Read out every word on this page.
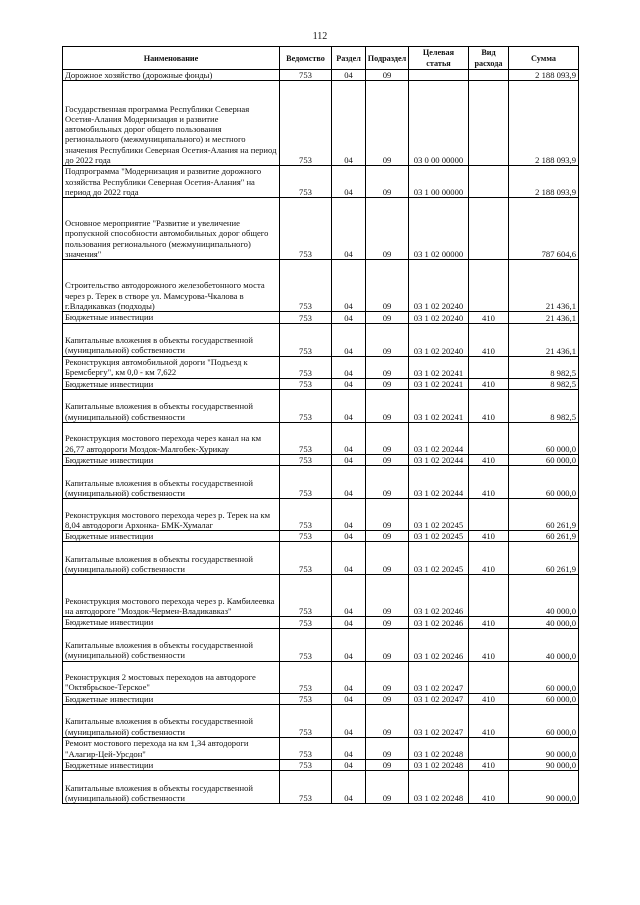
112
Наименование	Ведомство	Раздел	Подраздел	Целевая статья	Вид расхода	Сумма
Дорожное хозяйство (дорожные фонды)	753	04	09			2 188 093,9
Государственная программа Республики Северная Осетия-Алания Модернизация и развитие автомобильных дорог общего пользования регионального (межмуниципального) и местного значения Республики Северная Осетия-Алания на период до 2022 года	753	04	09	03 0 00 00000		2 188 093,9
Подпрограмма "Модернизация и развитие дорожного хозяйства Республики Северная Осетия-Алания" на период до 2022 года	753	04	09	03 1 00 00000		2 188 093,9
Основное мероприятие "Развитие и увеличение пропускной способности автомобильных дорог общего пользования регионального (межмуниципального) значения"	753	04	09	03 1 02 00000		787 604,6
Строительство автодорожного железобетонного моста через р. Терек в створе ул. Мамсурова-Чкалова в г.Владикавказ (подходы)	753	04	09	03 1 02 20240		21 436,1
Бюджетные инвестиции	753	04	09	03 1 02 20240	410	21 436,1
Капитальные вложения в объекты государственной (муниципальной) собственности	753	04	09	03 1 02 20240	410	21 436,1
Реконструкция автомобильной дороги "Подъезд к Бремсбергу", км 0,0 - км 7,622	753	04	09	03 1 02 20241		8 982,5
Бюджетные инвестиции	753	04	09	03 1 02 20241	410	8 982,5
Капитальные вложения в объекты государственной (муниципальной) собственности	753	04	09	03 1 02 20241	410	8 982,5
Реконструкция мостового перехода через канал на км 26,77 автодороги Моздок-Малгобек-Хурикау	753	04	09	03 1 02 20244		60 000,0
Бюджетные инвестиции	753	04	09	03 1 02 20244	410	60 000,0
Капитальные вложения в объекты государственной (муниципальной) собственности	753	04	09	03 1 02 20244	410	60 000,0
Реконструкция мостового перехода через р. Терек на км 8,04 автодороги Архонка- БМК-Хумалаг	753	04	09	03 1 02 20245		60 261,9
Бюджетные инвестиции	753	04	09	03 1 02 20245	410	60 261,9
Капитальные вложения в объекты государственной (муниципальной) собственности	753	04	09	03 1 02 20245	410	60 261,9
Реконструкция мостового перехода через р. Камбилеевка на автодороге "Моздок-Чермен-Владикавказ"	753	04	09	03 1 02 20246		40 000,0
Бюджетные инвестиции	753	04	09	03 1 02 20246	410	40 000,0
Капитальные вложения в объекты государственной (муниципальной) собственности	753	04	09	03 1 02 20246	410	40 000,0
Реконструкция 2 мостовых переходов на автодороге "Октябрьское-Терское"	753	04	09	03 1 02 20247		60 000,0
Бюджетные инвестиции	753	04	09	03 1 02 20247	410	60 000,0
Капитальные вложения в объекты государственной (муниципальной) собственности	753	04	09	03 1 02 20247	410	60 000,0
Ремонт мостового перехода на км 1,34 автодороги "Алагир-Цей-Урсдон"	753	04	09	03 1 02 20248		90 000,0
Бюджетные инвестиции	753	04	09	03 1 02 20248	410	90 000,0
Капитальные вложения в объекты государственной (муниципальной) собственности	753	04	09	03 1 02 20248	410	90 000,0
